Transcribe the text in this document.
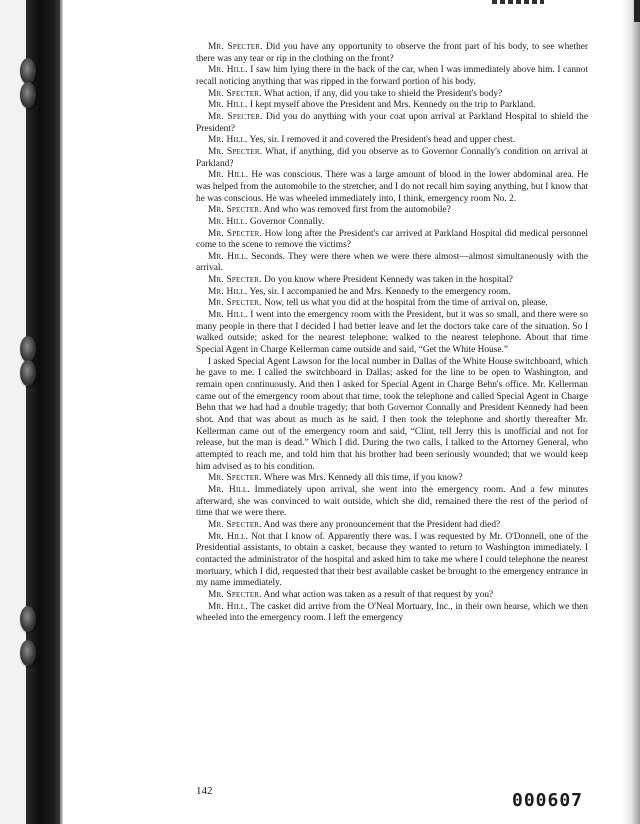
Mr. Specter. Did you have any opportunity to observe the front part of his body, to see whether there was any tear or rip in the clothing on the front?

Mr. Hill. I saw him lying there in the back of the car, when I was immediately above him. I cannot recall noticing anything that was ripped in the forward portion of his body.

Mr. Specter. What action, if any, did you take to shield the President's body?

Mr. Hill. I kept myself above the President and Mrs. Kennedy on the trip to Parkland.

Mr. Specter. Did you do anything with your coat upon arrival at Parkland Hospital to shield the President?

Mr. Hill. Yes, sir. I removed it and covered the President's head and upper chest.

Mr. Specter. What, if anything, did you observe as to Governor Connally's condition on arrival at Parkland?

Mr. Hill. He was conscious. There was a large amount of blood in the lower abdominal area. He was helped from the automobile to the stretcher, and I do not recall him saying anything, but I know that he was conscious. He was wheeled immediately into, I think, emergency room No. 2.

Mr. Specter. And who was removed first from the automobile?

Mr. Hill. Governor Connally.

Mr. Specter. How long after the President's car arrived at Parkland Hospital did medical personnel come to the scene to remove the victims?

Mr. Hill. Seconds. They were there when we were there almost—almost simultaneously with the arrival.

Mr. Specter. Do you know where President Kennedy was taken in the hospital?

Mr. Hill. Yes, sir. I accompanied he and Mrs. Kennedy to the emergency room.

Mr. Specter. Now, tell us what you did at the hospital from the time of arrival on, please.

Mr. Hill. I went into the emergency room with the President, but it was so small, and there were so many people in there that I decided I had better leave and let the doctors take care of the situation. So I walked outside; asked for the nearest telephone; walked to the nearest telephone. About that time Special Agent in Charge Kellerman came outside and said, “Get the White House.”

I asked Special Agent Lawson for the local number in Dallas of the White House switchboard, which he gave to me. I called the switchboard in Dallas; asked for the line to be open to Washington, and remain open continuously. And then I asked for Special Agent in Charge Behn's office. Mr. Kellerman came out of the emergency room about that time, took the telephone and called Special Agent in Charge Behn that we had had a double tragedy; that both Governor Connally and President Kennedy had been shot. And that was about as much as he said. I then took the telephone and shortly thereafter Mr. Kellerman came out of the emergency room and said, “Clint, tell Jerry this is unofficial and not for release, but the man is dead.” Which I did. During the two calls, I talked to the Attorney General, who attempted to reach me, and told him that his brother had been seriously wounded; that we would keep him advised as to his condition.

Mr. Specter. Where was Mrs. Kennedy all this time, if you know?

Mr. Hill. Immediately upon arrival, she went into the emergency room. And a few minutes afterward, she was convinced to wait outside, which she did, remained there the rest of the period of time that we were there.

Mr. Specter. And was there any pronouncement that the President had died?

Mr. Hill. Not that I know of. Apparently there was. I was requested by Mr. O'Donnell, one of the Presidential assistants, to obtain a casket, because they wanted to return to Washington immediately. I contacted the administrator of the hospital and asked him to take me where I could telephone the nearest mortuary, which I did, requested that their best available casket be brought to the emergency entrance in my name immediately.

Mr. Specter. And what action was taken as a result of that request by you?

Mr. Hill. The casket did arrive from the O'Neal Mortuary, Inc., in their own hearse, which we then wheeled into the emergency room. I left the emergency

142	000607
